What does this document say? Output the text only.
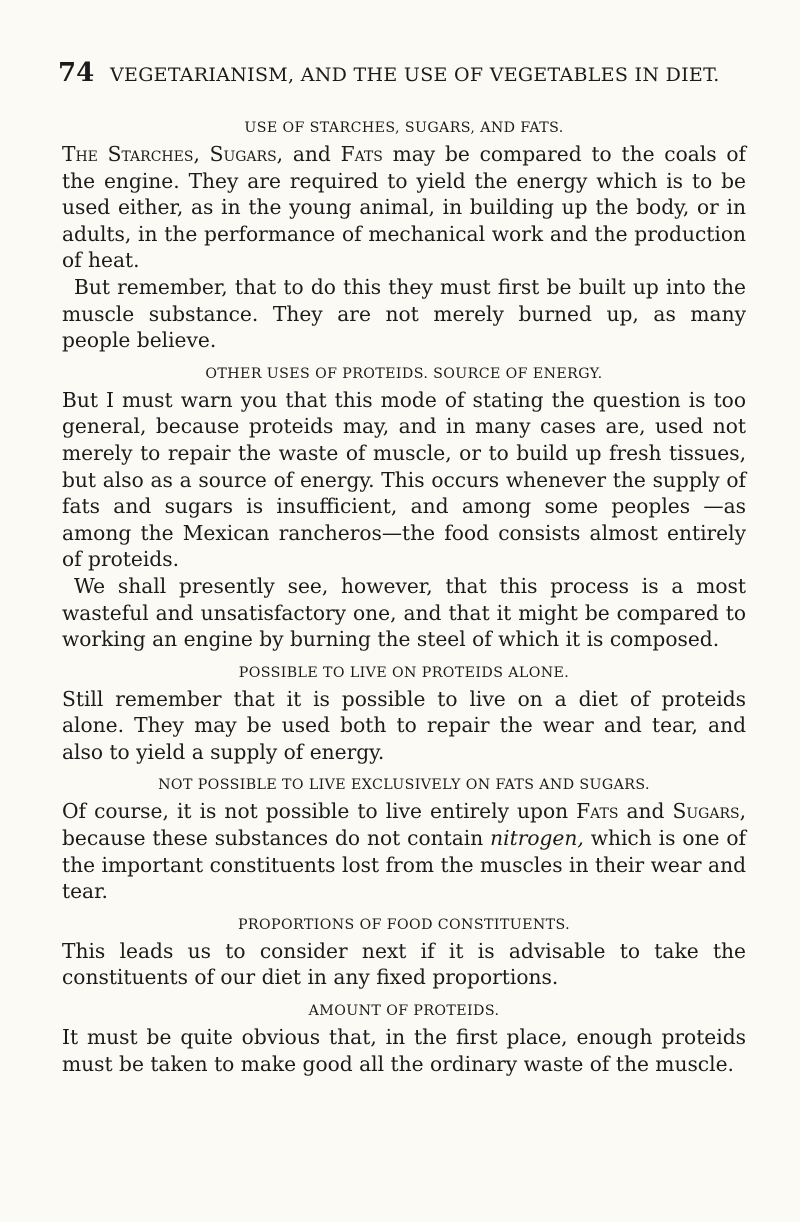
74 VEGETARIANISM, AND THE USE OF VEGETABLES IN DIET.
USE OF STARCHES, SUGARS, AND FATS.

The Starches, Sugars, and Fats may be compared to the coals of the engine. They are required to yield the energy which is to be used either, as in the young animal, in building up the body, or in adults, in the performance of mechanical work and the production of heat.

But remember, that to do this they must first be built up into the muscle substance. They are not merely burned up, as many people believe.

OTHER USES OF PROTEIDS. SOURCE OF ENERGY.

But I must warn you that this mode of stating the question is too general, because proteids may, and in many cases are, used not merely to repair the waste of muscle, or to build up fresh tissues, but also as a source of energy. This occurs whenever the supply of fats and sugars is insufficient, and among some peoples —as among the Mexican rancheros—the food consists almost entirely of proteids.

We shall presently see, however, that this process is a most wasteful and unsatisfactory one, and that it might be compared to working an engine by burning the steel of which it is composed.

POSSIBLE TO LIVE ON PROTEIDS ALONE.

Still remember that it is possible to live on a diet of proteids alone. They may be used both to repair the wear and tear, and also to yield a supply of energy.

NOT POSSIBLE TO LIVE EXCLUSIVELY ON FATS AND SUGARS.

Of course, it is not possible to live entirely upon Fats and Sugars, because these substances do not contain nitrogen, which is one of the important constituents lost from the muscles in their wear and tear.

PROPORTIONS OF FOOD CONSTITUENTS.

This leads us to consider next if it is advisable to take the constituents of our diet in any fixed proportions.

AMOUNT OF PROTEIDS.

It must be quite obvious that, in the first place, enough proteids must be taken to make good all the ordinary waste of the muscle.
